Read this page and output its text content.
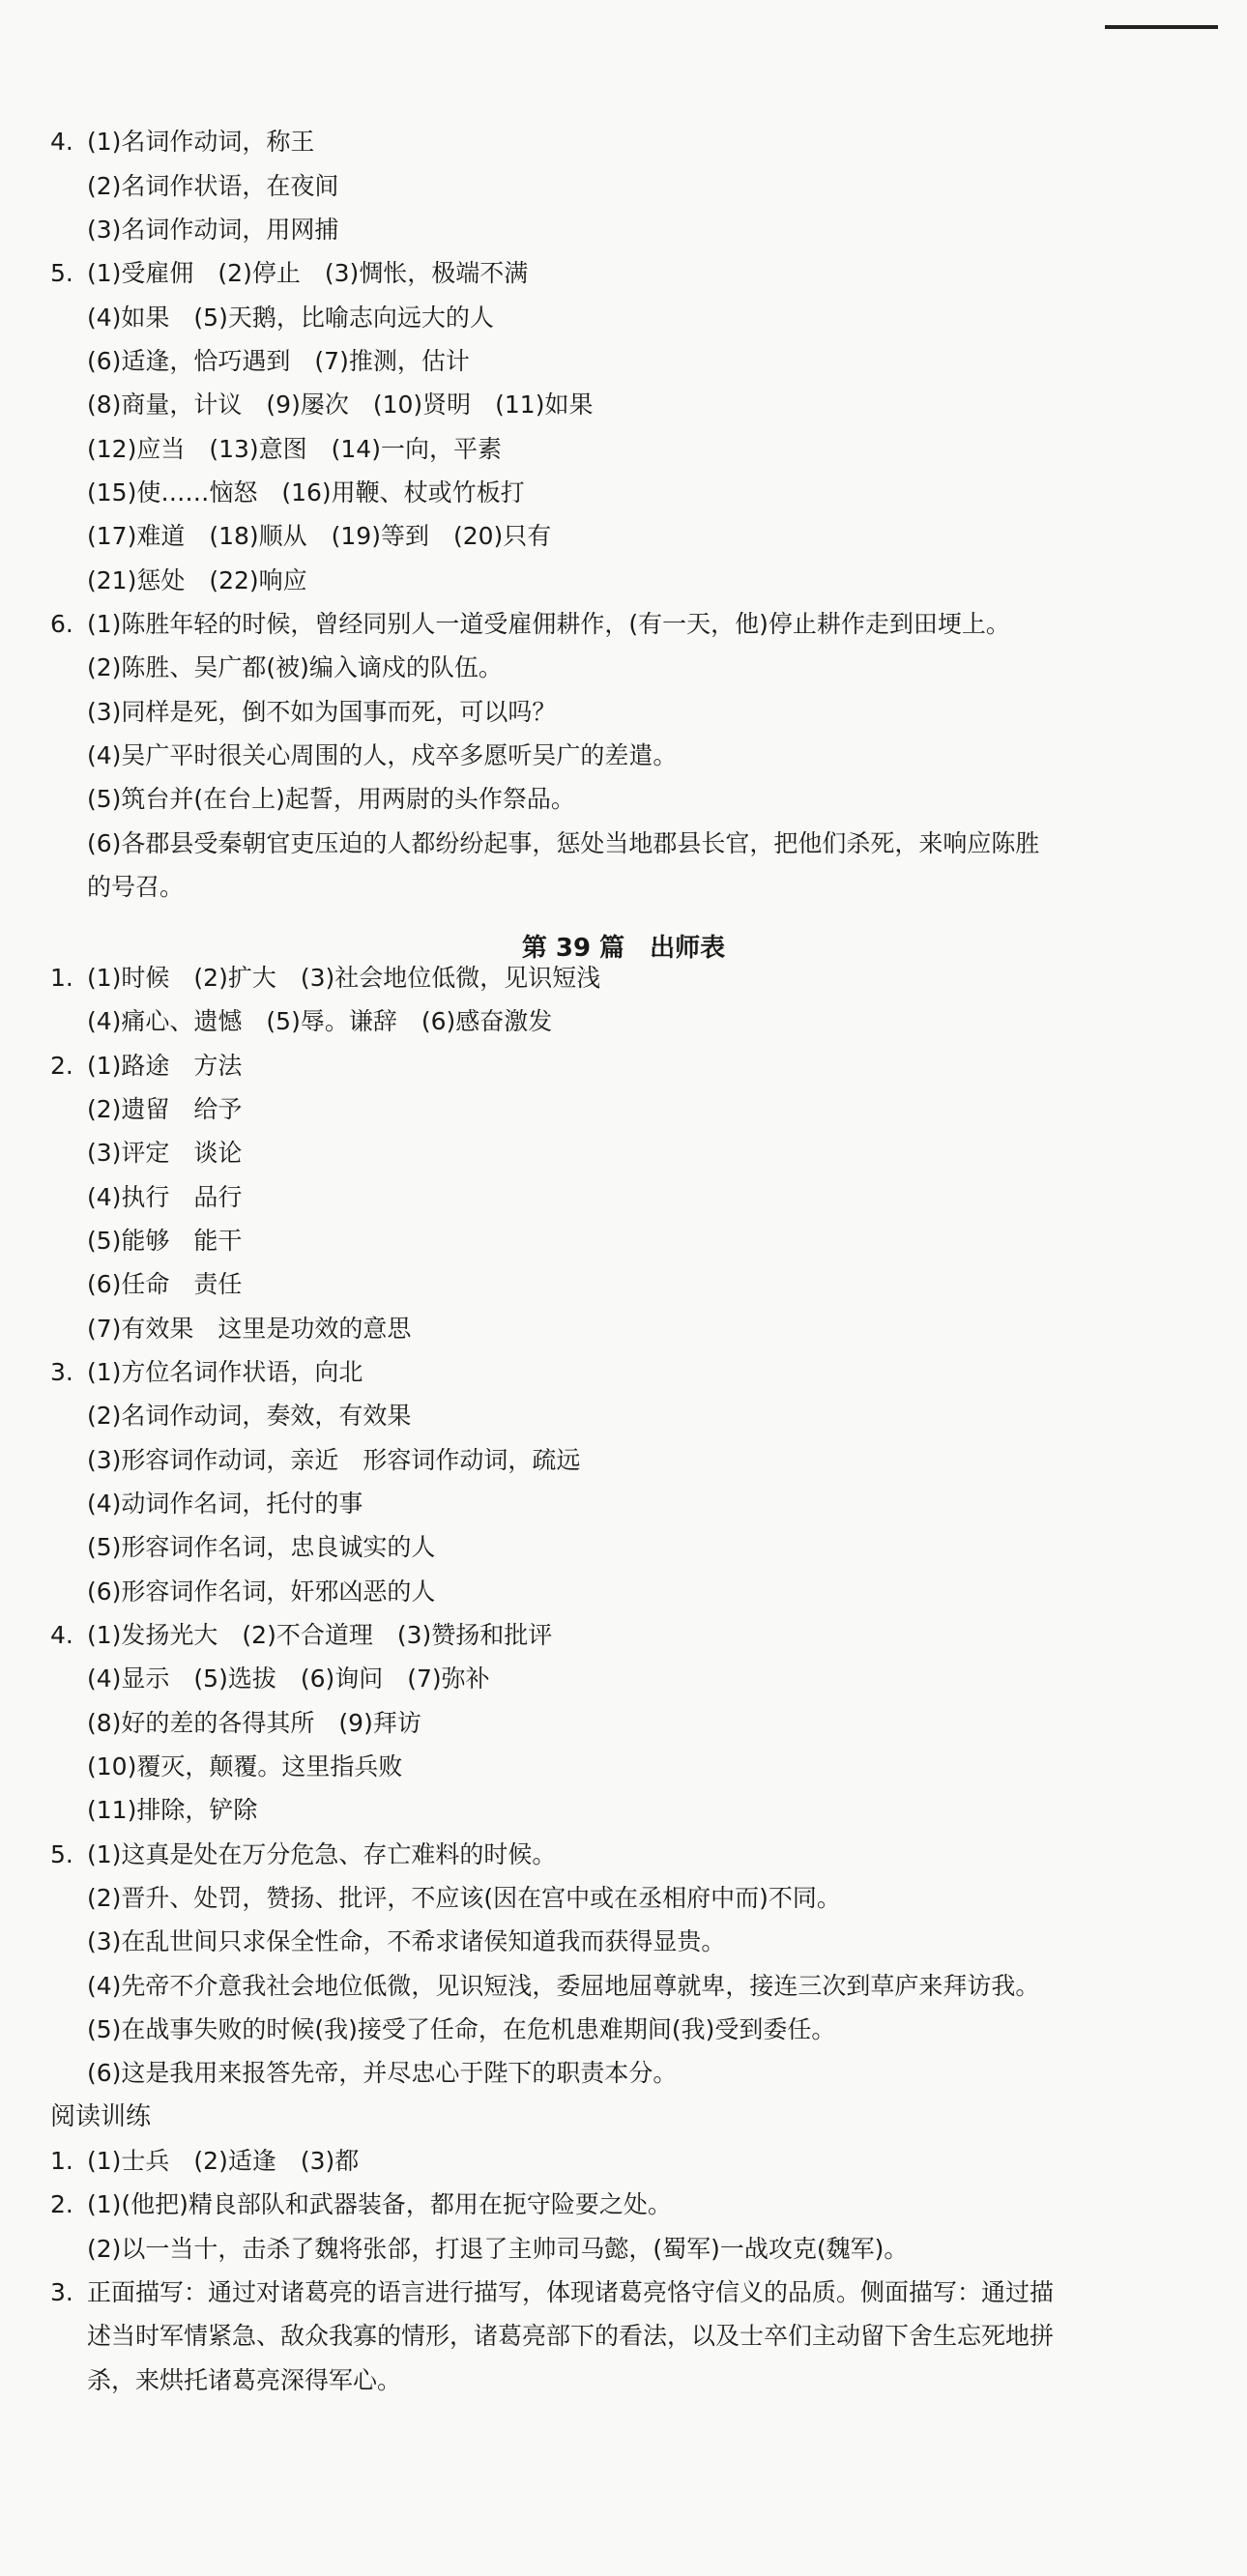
4. (1)名词作动词，称王
(2)名词作状语，在夜间
(3)名词作动词，用网捕
5. (1)受雇佣　(2)停止　(3)惆怅，极端不满
(4)如果　(5)天鹅，比喻志向远大的人
(6)适逢，恰巧遇到　(7)推测，估计
(8)商量，计议　(9)屡次　(10)贤明　(11)如果
(12)应当　(13)意图　(14)一向，平素
(15)使……恼怒　(16)用鞭、杖或竹板打
(17)难道　(18)顺从　(19)等到　(20)只有
(21)惩处　(22)响应
6. (1)陈胜年轻的时候，曾经同别人一道受雇佣耕作，(有一天，他)停止耕作走到田埂上。
(2)陈胜、吴广都(被)编入谪戍的队伍。
(3)同样是死，倒不如为国事而死，可以吗？
(4)吴广平时很关心周围的人，戍卒多愿听吴广的差遣。
(5)筑台并(在台上)起誓，用两尉的头作祭品。
(6)各郡县受秦朝官吏压迫的人都纷纷起事，惩处当地郡县长官，把他们杀死，来响应陈胜
的号召。
1. (1)时候　(2)扩大　(3)社会地位低微，见识短浅
(4)痛心、遗憾　(5)辱。谦辞　(6)感奋激发
2. (1)路途　方法
(2)遗留　给予
(3)评定　谈论
(4)执行　品行
(5)能够　能干
(6)任命　责任
(7)有效果　这里是功效的意思
3. (1)方位名词作状语，向北
(2)名词作动词，奏效，有效果
(3)形容词作动词，亲近　形容词作动词，疏远
(4)动词作名词，托付的事
(5)形容词作名词，忠良诚实的人
(6)形容词作名词，奸邪凶恶的人
4. (1)发扬光大　(2)不合道理　(3)赞扬和批评
(4)显示　(5)选拔　(6)询问　(7)弥补
(8)好的差的各得其所　(9)拜访
(10)覆灭，颠覆。这里指兵败
(11)排除，铲除
5. (1)这真是处在万分危急、存亡难料的时候。
(2)晋升、处罚，赞扬、批评，不应该(因在宫中或在丞相府中而)不同。
(3)在乱世间只求保全性命，不希求诸侯知道我而获得显贵。
(4)先帝不介意我社会地位低微，见识短浅，委屈地屈尊就卑，接连三次到草庐来拜访我。
(5)在战事失败的时候(我)接受了任命，在危机患难期间(我)受到委任。
(6)这是我用来报答先帝，并尽忠心于陛下的职责本分。
1. (1)士兵　(2)适逢　(3)都
2. (1)(他把)精良部队和武器装备，都用在扼守险要之处。
(2)以一当十，击杀了魏将张郃，打退了主帅司马懿，(蜀军)一战攻克(魏军)。
3. 正面描写：通过对诸葛亮的语言进行描写，体现诸葛亮恪守信义的品质。侧面描写：通过描
述当时军情紧急、敌众我寡的情形，诸葛亮部下的看法，以及士卒们主动留下舍生忘死地拼
杀，来烘托诸葛亮深得军心。
第 39 篇　出师表
阅读训练
